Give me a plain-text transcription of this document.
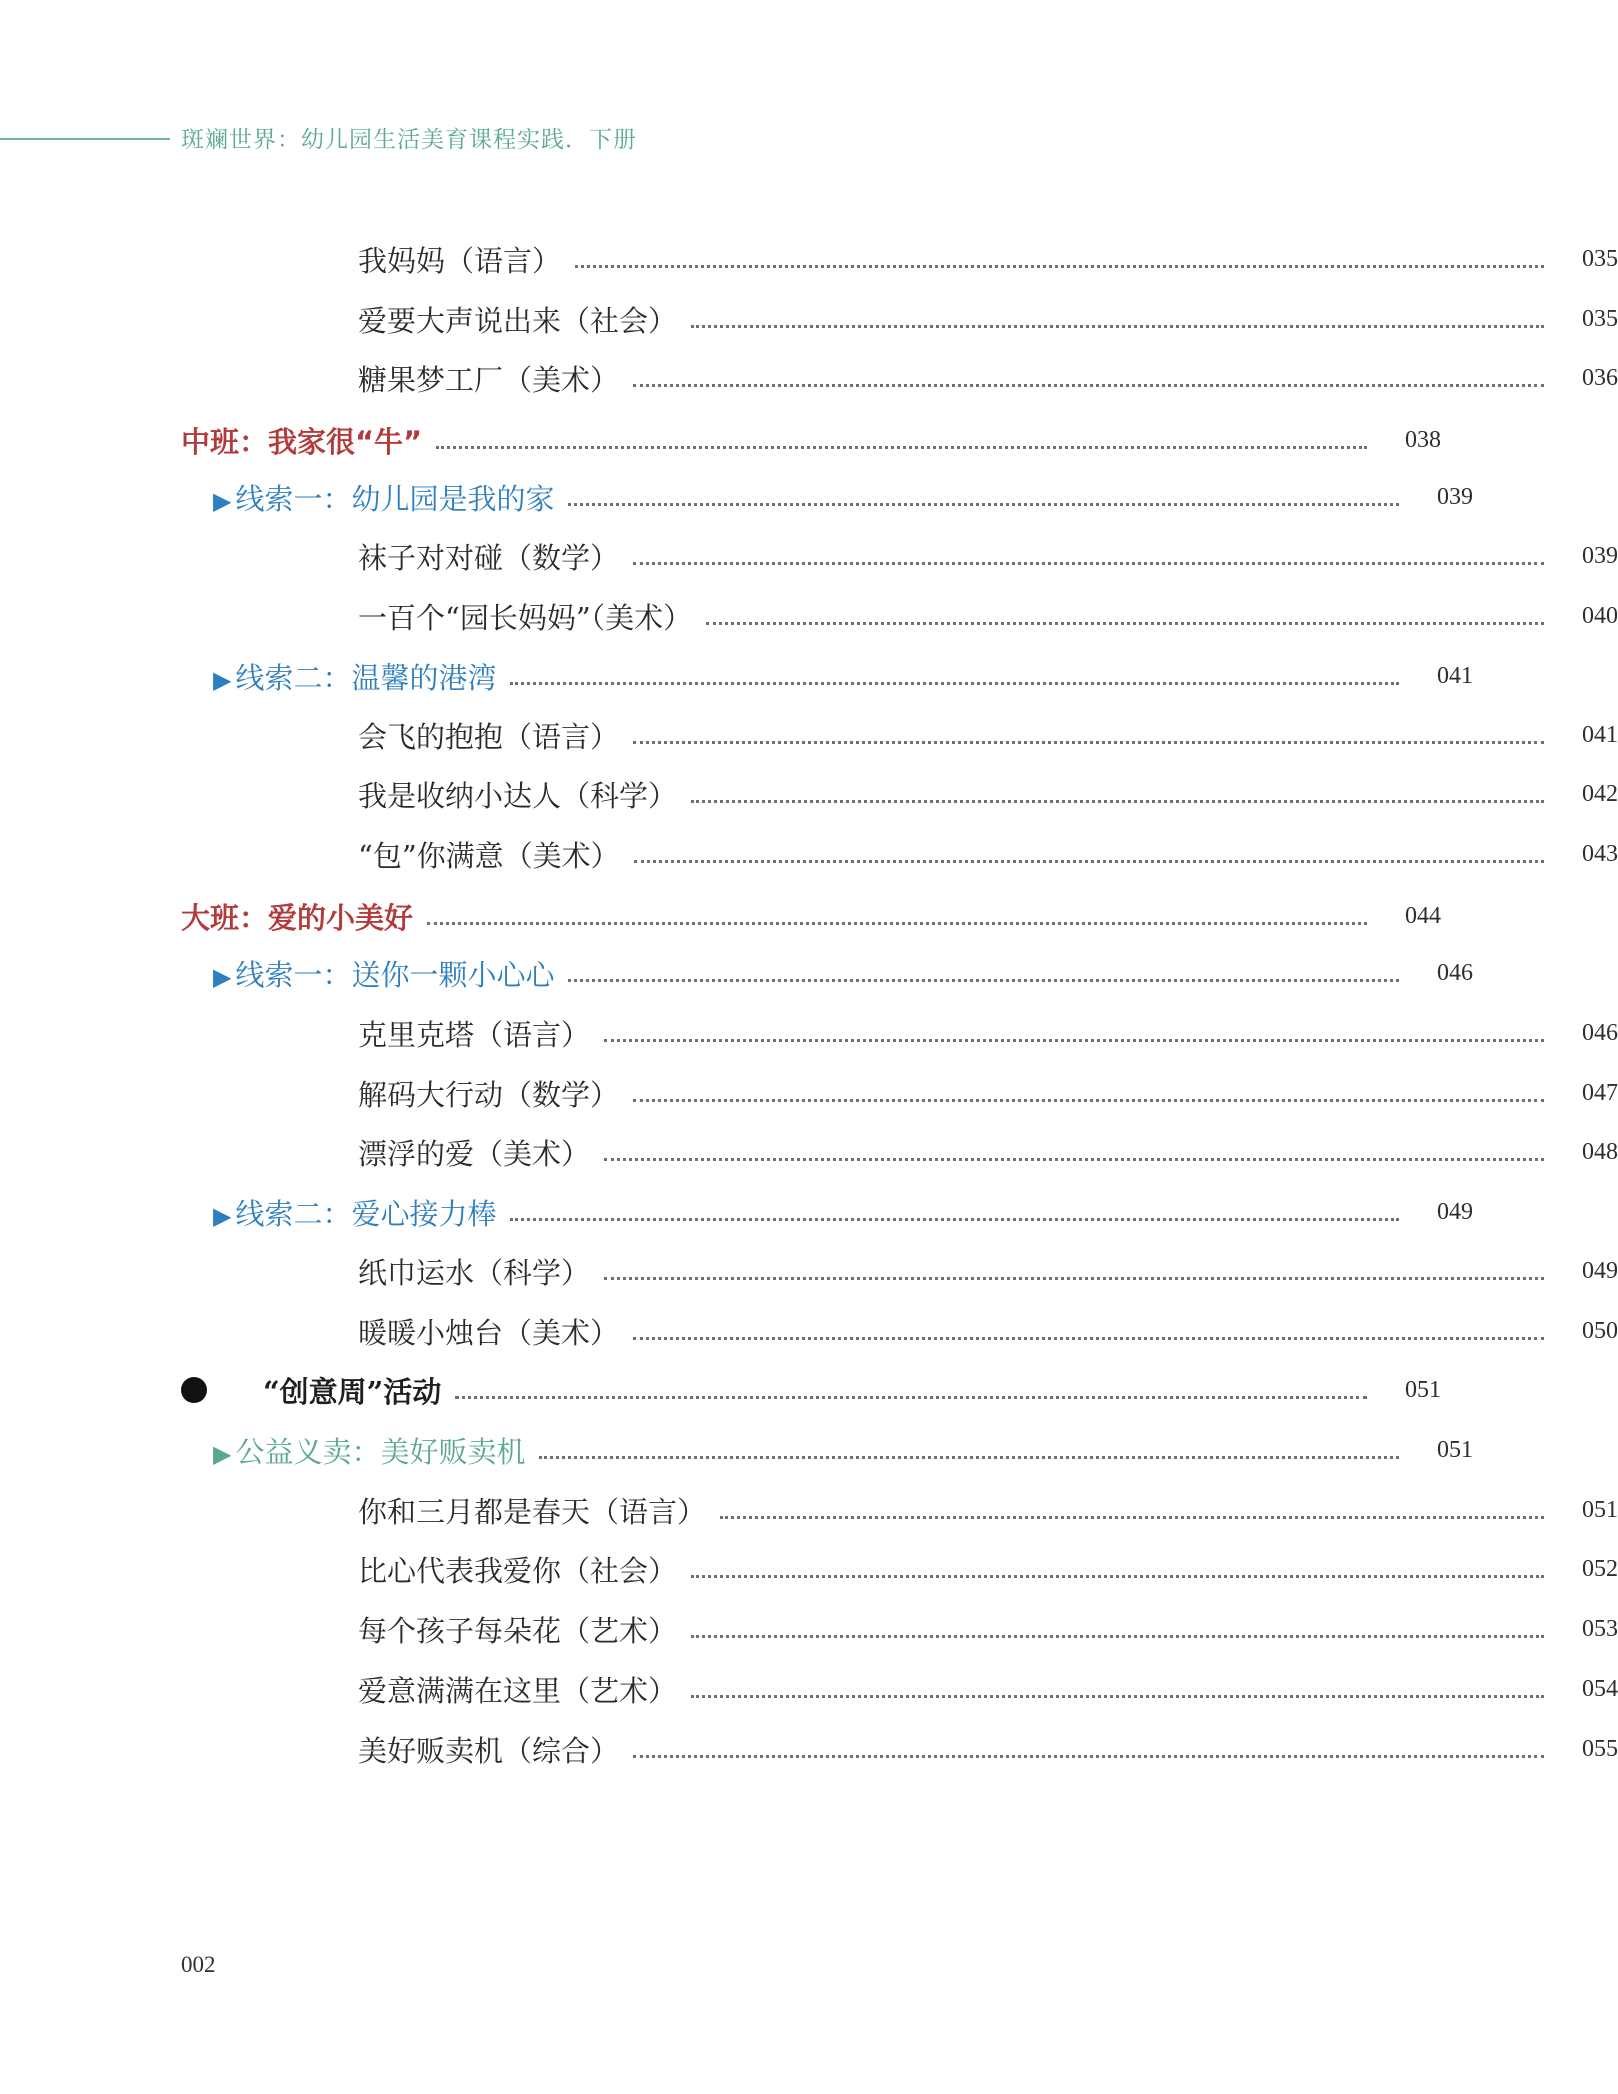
斑斓世界：幼儿园生活美育课程实践．下册
我妈妈（语言）	035
爱要大声说出来（社会）	035
糖果梦工厂（美术）	036
中班：我家很“牛”	038
▶ 线索一：幼儿园是我的家	039
袜子对对碰（数学）	039
一百个“园长妈妈”（美术）	040
▶ 线索二：温馨的港湾	041
会飞的抱抱（语言）	041
我是收纳小达人（科学）	042
“包”你满意（美术）	043
大班：爱的小美好	044
▶ 线索一：送你一颗小心心	046
克里克塔（语言）	046
解码大行动（数学）	047
漂浮的爱（美术）	048
▶ 线索二：爱心接力棒	049
纸巾运水（科学）	049
暖暖小烛台（美术）	050
“创意周”活动	051
▶ 公益义卖：美好贩卖机	051
你和三月都是春天（语言）	051
比心代表我爱你（社会）	052
每个孩子每朵花（艺术）	053
爱意满满在这里（艺术）	054
美好贩卖机（综合）	055
002
